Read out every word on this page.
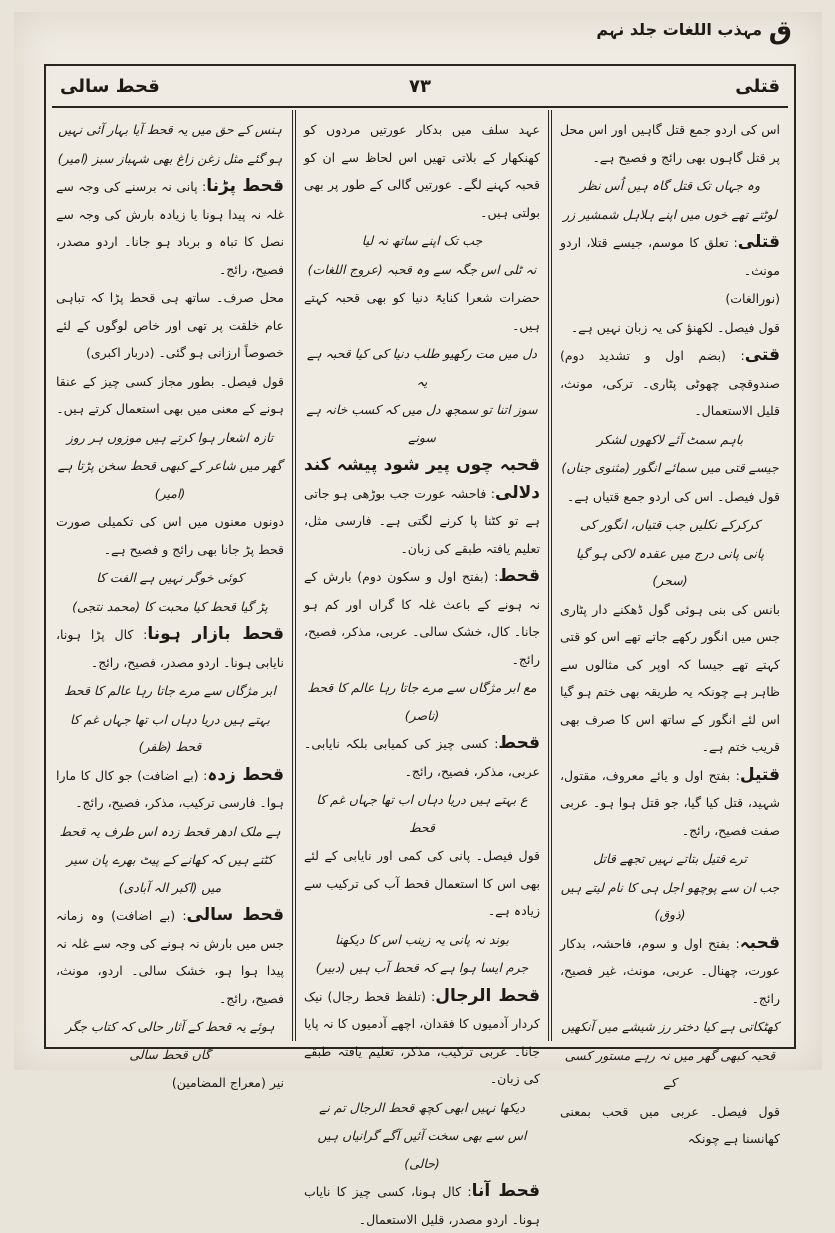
مہذب اللغات جلد نہم ق
قتلی
۷۳
قحط سالی

اس کی اردو جمع قتل گاہیں اور اس محل پر قتل گاہوں بھی رائج و فصیح ہے۔

وہ جہاں تک قتل گاہ ہیں اُس نظر

لوٹتے تھے خوں میں اپنے ہلاہل شمشیر زر

قتلی: تعلق کا موسم، جیسے قتلا، اردو مونث۔

(نورالغات)

قول فیصل۔ لکھنؤ کی یہ زبان نہیں ہے۔

قتی: (بضم اول و تشدید دوم) صندوقچی چھوٹی پٹاری۔ ترکی، مونث، قلیل الاستعمال۔

باہم سمٹ آئے لاکھوں لشکر

جیسے قتی میں سمائے انگور (مثنوی جناں)

قول فیصل۔ اس کی اردو جمع قتیاں ہے۔

کرکرکے نکلیں جب قتیاں، انگور کی

پانی پانی درج میں عقدہ لاکی ہو گیا (سحر)

بانس کی بنی ہوئی گول ڈھکنے دار پٹاری جس میں انگور رکھے جاتے تھے اس کو قتی کہتے تھے جیسا کہ اوپر کی مثالوں سے ظاہر ہے چونکہ یہ طریقہ بھی ختم ہو گیا اس لئے انگور کے ساتھ اس کا صرف بھی قریب ختم ہے۔

قتیل: بفتح اول و یائے معروف، مقتول، شہید، قتل کیا گیا، جو قتل ہوا ہو۔ عربی صفت فصیح، رائج۔

ترے قتیل بتاتے نہیں تجھے قاتل

جب ان سے پوچھو اجل ہی کا نام لیتے ہیں (ذوق)

قحبہ: بفتح اول و سوم، فاحشہ، بدکار عورت، چھنال۔ عربی، مونث، غیر فصیح، رائج۔

کھٹکاتی ہے کیا دختر رز شیشے میں آنکھیں

قحبہ کبھی گھر میں نہ رہے مستور کسی کے

قول فیصل۔ عربی میں قحب بمعنی کھانسنا ہے چونکہ

عہد سلف میں بدکار عورتیں مردوں کو کھنکھار کے بلاتی تھیں اس لحاظ سے ان کو قحبہ کہنے لگے۔ عورتیں گالی کے طور پر بھی بولتی ہیں۔

جب تک اپنے ساتھ نہ لیا

نہ ٹلی اس جگہ سے وہ قحبہ (عروج اللغات)

حضرات شعرا کنایۃً دنیا کو بھی قحبہ کہتے ہیں۔

دل میں مت رکھیو طلب دنیا کی کیا قحبہ ہے یہ

سوز اتنا تو سمجھ دل میں کہ کسب خانہ ہے سونے

قحبہ چوں پیر شود پیشہ کند دلالی: فاحشہ عورت جب بوڑھی ہو جاتی ہے تو کٹنا پا کرنے لگتی ہے۔ فارسی مثل، تعلیم یافتہ طبقے کی زبان۔

قحط: (بفتح اول و سکون دوم) بارش کے نہ ہونے کے باعث غلہ کا گراں اور کم ہو جانا۔ کال، خشک سالی۔ عربی، مذکر، فصیح، رائج۔

مع ابر مژگاں سے مرے جاتا رہا عالم کا قحط (ناصر)

قحط: کسی چیز کی کمیابی بلکہ نایابی۔ عربی، مذکر، فصیح، رائج۔

ع بہتے ہیں دریا دہاں اب تھا جہاں غم کا قحط

قول فیصل۔ پانی کی کمی اور نایابی کے لئے بھی اس کا استعمال قحط آب کی ترکیب سے زیادہ ہے۔

بوند نہ پانی یہ زینب اس کا دیکھنا

جرم ایسا ہوا ہے کہ قحط آب ہیں (دبیر)

قحط الرجال: (تلفظ قحط رجال) نیک کردار آدمیوں کا فقدان، اچھے آدمیوں کا نہ پایا جانا۔ عربی ترکیب، مذکر، تعلیم یافتہ طبقے کی زبان۔

دیکھا نہیں ابھی کچھ قحط الرجال تم نے

اس سے بھی سخت آئیں آگے گرانیاں ہیں (حالی)

قحط آنا: کال ہونا، کسی چیز کا نایاب ہونا۔ اردو مصدر، قلیل الاستعمال۔

ہنس کے حق میں یہ قحط آیا بہار آئی نہیں

ہو گئے مثل زغن زاغ بھی شہباز سبز (امیر)

قحط پڑنا: پانی نہ برسنے کی وجہ سے غلہ نہ پیدا ہونا یا زیادہ بارش کی وجہ سے نصل کا تباہ و برباد ہو جانا۔ اردو مصدر، فصیح، رائج۔

محل صرف۔ ساتھ ہی قحط پڑا کہ تباہی عام خلقت پر تھی اور خاص لوگوں کے لئے خصوصاً ارزانی ہو گئی۔ (دربار اکبری)

قول فیصل۔ بطور مجاز کسی چیز کے عنقا ہونے کے معنی میں بھی استعمال کرتے ہیں۔

تازہ اشعار ہوا کرتے ہیں موزوں ہر روز

گھر میں شاعر کے کبھی قحط سخن پڑتا ہے (امیر)

دونوں معنوں میں اس کی تکمیلی صورت قحط پڑ جانا بھی رائج و فصیح ہے۔

کوئی خوگر نہیں ہے الفت کا

پڑ گیا قحط کیا محبت کا (محمد نتجی)

قحط بازار ہونا: کال پڑا ہونا، نایابی ہونا۔ اردو مصدر، فصیح، رائج۔

ابر مژگاں سے مرے جاتا رہا عالم کا قحط

بہتے ہیں دریا دہاں اب تھا جہاں غم کا قحط (ظفر)

قحط زدہ: (بے اضافت) جو کال کا مارا ہوا۔ فارسی ترکیب، مذکر، فصیح، رائج۔

ہے ملک ادھر قحط زدہ اس طرف یہ قحط

کٹتے ہیں کہ کھانے کے پیٹ بھرے پان سیر میں (اکبر الہ آبادی)

قحط سالی: (بے اضافت) وہ زمانہ جس میں بارش نہ ہونے کی وجہ سے غلہ نہ پیدا ہوا ہو، خشک سالی۔ اردو، مونث، فصیح، رائج۔

ہوئے یہ قحط کے آثار حالی کہ کتاب جگر گاں قحط سالی

نیر (معراج المضامین)
